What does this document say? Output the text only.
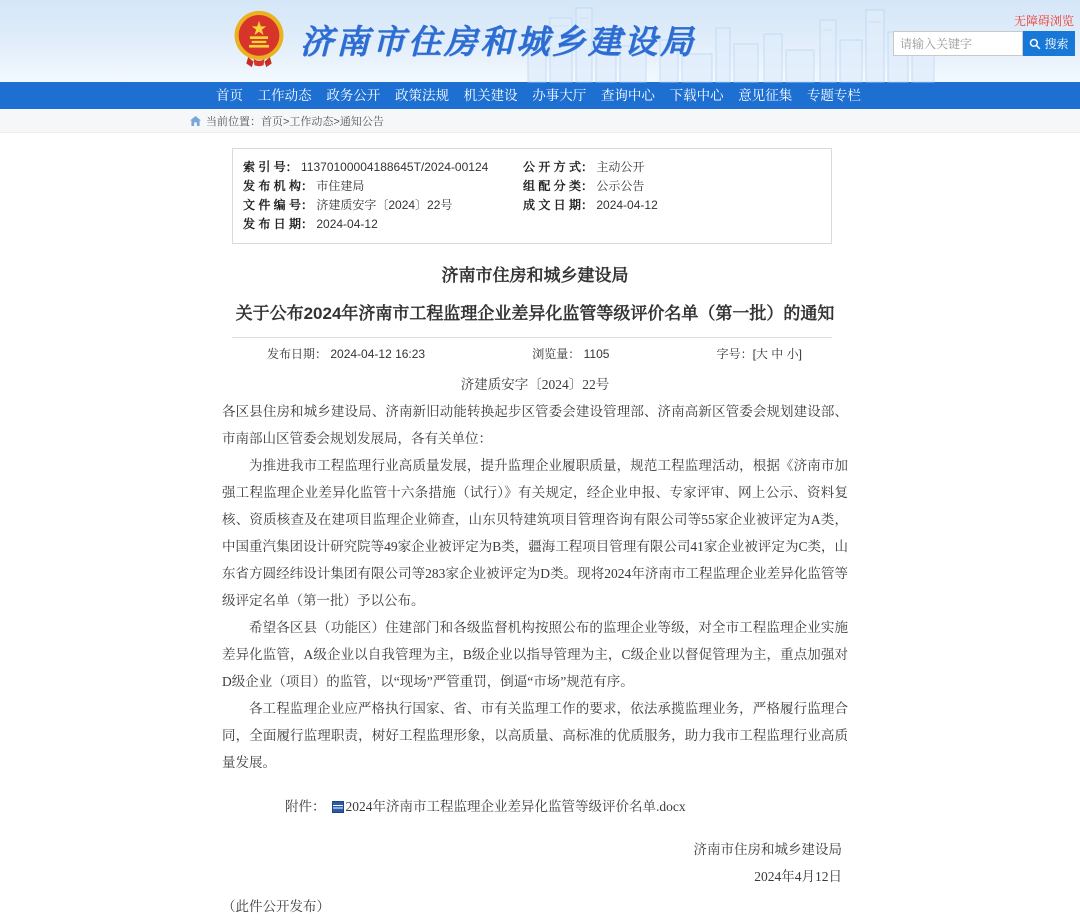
济南市住房和城乡建设局
无障碍浏览
请输入关键字
搜索
首页 工作动态 政务公开 政策法规 机关建设 办事大厅 查询中心 下载中心 意见征集 专题专栏
当前位置： 首页>工作动态>通知公告
索 引 号： 11370100004188645T/2024-00124
发 布 机 构： 市住建局
文 件 编 号： 济建质安字〔2024〕22号
发 布 日 期： 2024-04-12
公 开 方 式： 主动公开
组 配 分 类： 公示公告
成 文 日 期： 2024-04-12
济南市住房和城乡建设局
关于公布2024年济南市工程监理企业差异化监管等级评价名单（第一批）的通知
发布日期： 2024-04-12 16:23	浏览量： 1105	字号：[大 中 小]
济建质安字〔2024〕22号

各区县住房和城乡建设局、济南新旧动能转换起步区管委会建设管理部、济南高新区管委会规划建设部、市南部山区管委会规划发展局，各有关单位：

为推进我市工程监理行业高质量发展，提升监理企业履职质量，规范工程监理活动，根据《济南市加强工程监理企业差异化监管十六条措施（试行）》有关规定，经企业申报、专家评审、网上公示、资料复核、资质核查及在建项目监理企业筛查，山东贝特建筑项目管理咨询有限公司等55家企业被评定为A类，中国重汽集团设计研究院等49家企业被评定为B类，疆海工程项目管理有限公司41家企业被评定为C类，山东省方圆经纬设计集团有限公司等283家企业被评定为D类。现将2024年济南市工程监理企业差异化监管等级评定名单（第一批）予以公布。

希望各区县（功能区）住建部门和各级监督机构按照公布的监理企业等级，对全市工程监理企业实施差异化监管，A级企业以自我管理为主，B级企业以指导管理为主，C级企业以督促管理为主，重点加强对D级企业（项目）的监管，以“现场”严管重罚，倒逼“市场”规范有序。

各工程监理企业应严格执行国家、省、市有关监理工作的要求，依法承揽监理业务，严格履行监理合同，全面履行监理职责，树好工程监理形象，以高质量、高标准的优质服务，助力我市工程监理行业高质量发展。

附件： 2024年济南市工程监理企业差异化监管等级评价名单.docx
济南市住房和城乡建设局
2024年4月12日
（此件公开发布）
